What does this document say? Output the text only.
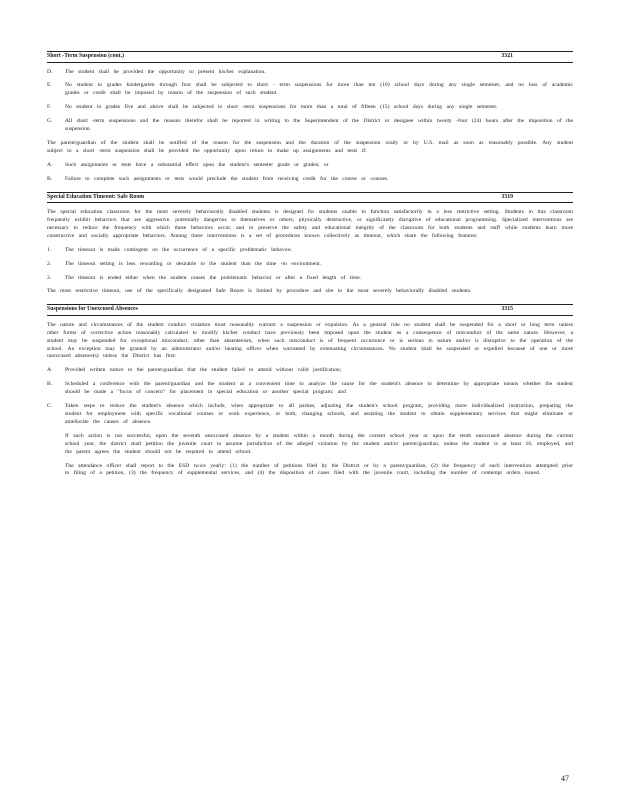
Short -Term Suspension (cont.)	3321
D.	The student shall be provided the opportunity to present his/her explanation.
E.	No student in grades kindergarten through four shall be subjected to short - term suspensions for more than ten (10) school days during any single semester, and no loss of academic grades or credit shall be imposed by reason of the suspension of such student.
F.	No student in grades five and above shall be subjected to short -term suspensions for more than a total of fifteen (15) school days during any single semester.
G.	All short -term suspensions and the reasons therefor shall be reported in writing to the Superintendent of the District or designee within twenty -four (24) hours after the imposition of the suspension.

The parent/guardian of the student shall be notified of the reason for the suspension and the duration of the suspension orally or by U.S. mail as soon as reasonably possible. Any student subject to a short -term suspension shall be provided the opportunity upon return to make up assignments and tests if:

A.	Such assignments or tests have a substantial effect upon the student's semester grade or grades; or
B.	Failure to complete such assignments or tests would preclude the student from receiving credit for the course or courses.
Special Education Timeout: Safe Room	3319

The special education classroom for the most severely behaviorally disabled students is designed for students unable to function satisfactorily in a less restrictive setting. Students in this classroom frequently exhibit behaviors that are aggressive, potentially dangerous to themselves or others, physically destructive, or significantly disruptive of educational programming. Specialized interventions are necessary to reduce the frequency with which these behaviors occur, and to preserve the safety and educational integrity of the classroom for both students and staff while students learn more constructive and socially appropriate behaviors. Among these interventions is a set of procedures known collectively as timeout, which share the following features:

1.	The timeout is made contingent on the occurrence of a specific problematic behavior.
2.	The timeout setting is less rewarding or desirable to the student than the time -in environment.
3.	The timeout is ended either when the student ceases the problematic behavior or after a fixed length of time.

The most restrictive timeout, use of the specifically designated Safe Room is limited by procedure and site to the most severely behaviorally disabled students.

Suspensions for Unexcused Absences	3315

The nature and circumstances of the student conduct violation must reasonably warrant a suspension or expulsion. As a general rule no student shall be suspended for a short or long term unless other forms of corrective action reasonably calculated to modify his/her conduct have previously been imposed upon the student as a consequence of misconduct of the same nature. However, a student may be suspended for exceptional misconduct, other than absenteeism, when such misconduct is of frequent occurrence or is serious in nature and/or is disruptive to the operation of the school. An exception may be granted by an administrator and/or hearing officer when warranted by extenuating circumstances. No student shall be suspended or expelled because of one or more unexcused absence(s) unless the District has first:

A.	Provided written notice to the parent/guardian that the student failed to attend without valid justification;
B.	Scheduled a conference with the parent/guardian and the student at a convenient time to analyze the cause for the student's absence to determine by appropriate means whether the student should be made a "focus of concern" for placement in special education or another special program; and
C.	Taken steps to reduce the student's absence which include, when appropriate to all parties, adjusting the student's school program, providing more individualized instruction, preparing the student for employment with specific vocational courses or work experience, or both, changing schools, and assisting the student to obtain supplementary services that might eliminate or ameliorate the causes of absence.
If such action is not successful, upon the seventh unexcused absence by a student within a month during the current school year or upon the tenth unexcused absence during the current school year, the district shall petition the juvenile court to assume jurisdiction of the alleged violation by the student and/or parent/guardian, unless the student is at least 16, employed, and the parent agrees the student should not be required to attend school.
The attendance officer shall report to the ESD twice yearly: (1) the number of petitions filed by the District or by a parent/guardian, (2) the frequency of each intervention attempted prior to filing of a petition, (3) the frequency of supplemental services, and (4) the disposition of cases filed with the juvenile court, including the number of contempt orders issued.
47
